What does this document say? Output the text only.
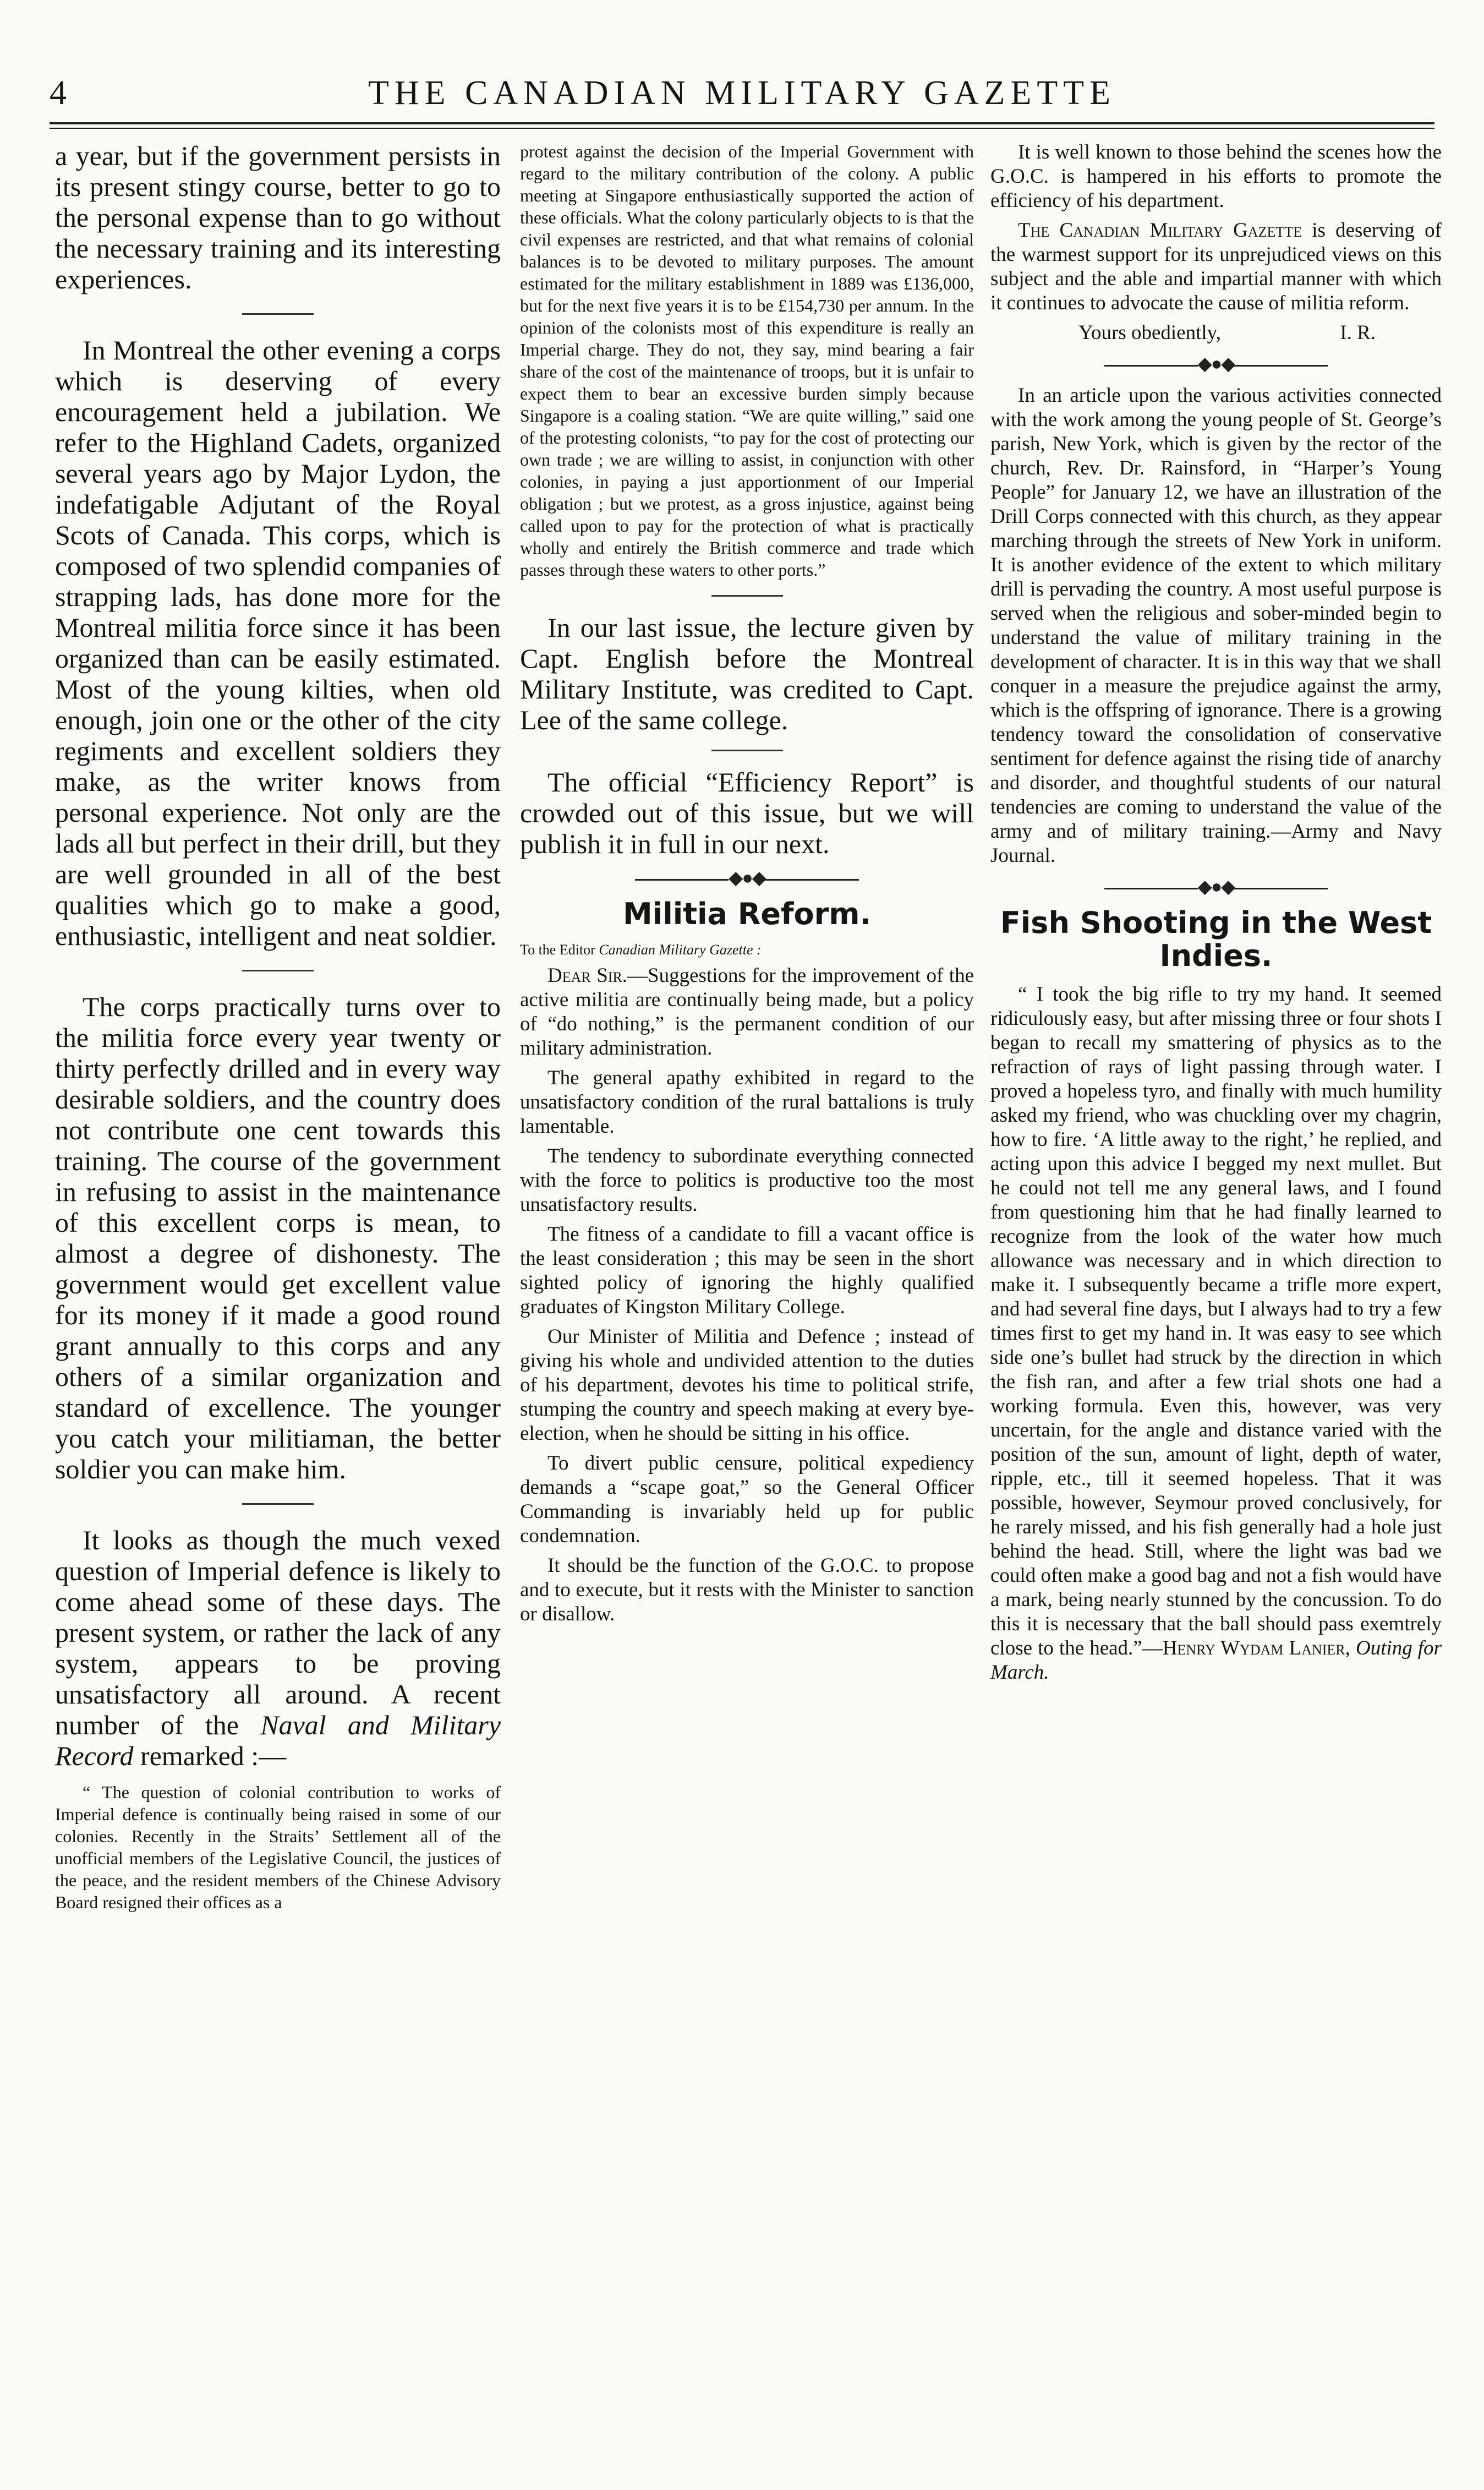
4	THE CANADIAN MILITARY GAZETTE

a year, but if the government persists in its present stingy course, better to go to the personal expense than to go without the necessary training and its interesting experiences.

In Montreal the other evening a corps which is deserving of every encouragement held a jubilation. We refer to the Highland Cadets, organized several years ago by Major Lydon, the indefatigable Adjutant of the Royal Scots of Canada. This corps, which is composed of two splendid companies of strapping lads, has done more for the Montreal militia force since it has been organized than can be easily estimated. Most of the young kilties, when old enough, join one or the other of the city regiments and excellent soldiers they make, as the writer knows from personal experience. Not only are the lads all but perfect in their drill, but they are well grounded in all of the best qualities which go to make a good, enthusiastic, intelligent and neat soldier.

The corps practically turns over to the militia force every year twenty or thirty perfectly drilled and in every way desirable soldiers, and the country does not contribute one cent towards this training. The course of the government in refusing to assist in the maintenance of this excellent corps is mean, to almost a degree of dishonesty. The government would get excellent value for its money if it made a good round grant annually to this corps and any others of a similar organization and standard of excellence. The younger you catch your militiaman, the better soldier you can make him.

It looks as though the much vexed question of Imperial defence is likely to come ahead some of these days. The present system, or rather the lack of any system, appears to be proving unsatisfactory all around. A recent number of the Naval and Military Record remarked :—

“ The question of colonial contribution to works of Imperial defence is continually being raised in some of our colonies. Recently in the Straits’ Settlement all of the unofficial members of the Legislative Council, the justices of the peace, and the resident members of the Chinese Advisory Board resigned their offices as a

protest against the decision of the Imperial Government with regard to the military contribution of the colony. A public meeting at Singapore enthusiastically supported the action of these officials. What the colony particularly objects to is that the civil expenses are restricted, and that what remains of colonial balances is to be devoted to military purposes. The amount estimated for the military establishment in 1889 was £136,000, but for the next five years it is to be £154,730 per annum. In the opinion of the colonists most of this expenditure is really an Imperial charge. They do not, they say, mind bearing a fair share of the cost of the maintenance of troops, but it is unfair to expect them to bear an excessive burden simply because Singapore is a coaling station. “We are quite willing,” said one of the protesting colonists, “to pay for the cost of protecting our own trade ; we are willing to assist, in conjunction with other colonies, in paying a just apportionment of our Imperial obligation ; but we protest, as a gross injustice, against being called upon to pay for the protection of what is practically wholly and entirely the British commerce and trade which passes through these waters to other ports.”

In our last issue, the lecture given by Capt. English before the Montreal Military Institute, was credited to Capt. Lee of the same college.

The official “Efficiency Report” is crowded out of this issue, but we will publish it in full in our next.

◆●◆
Militia Reform.

To the Editor Canadian Military Gazette :

Dear Sir.—Suggestions for the improvement of the active militia are continually being made, but a policy of “do nothing,” is the permanent condition of our military administration.

The general apathy exhibited in regard to the unsatisfactory condition of the rural battalions is truly lamentable.

The tendency to subordinate everything connected with the force to politics is productive too the most unsatisfactory results.

The fitness of a candidate to fill a vacant office is the least consideration ; this may be seen in the short sighted policy of ignoring the highly qualified graduates of Kingston Military College.

Our Minister of Militia and Defence ; instead of giving his whole and undivided attention to the duties of his department, devotes his time to political strife, stumping the country and speech making at every bye-election, when he should be sitting in his office.

To divert public censure, political expediency demands a “scape goat,” so the General Officer Commanding is invariably held up for public condemnation.

It should be the function of the G.O.C. to propose and to execute, but it rests with the Minister to sanction or disallow.

It is well known to those behind the scenes how the G.O.C. is hampered in his efforts to promote the efficiency of his department.

The Canadian Military Gazette is deserving of the warmest support for its unprejudiced views on this subject and the able and impartial manner with which it continues to advocate the cause of militia reform.

Yours obediently,	I. R.
◆●◆

In an article upon the various activities connected with the work among the young people of St. George’s parish, New York, which is given by the rector of the church, Rev. Dr. Rainsford, in “Harper’s Young People” for January 12, we have an illustration of the Drill Corps connected with this church, as they appear marching through the streets of New York in uniform. It is another evidence of the extent to which military drill is pervading the country. A most useful purpose is served when the religious and sober-minded begin to understand the value of military training in the development of character. It is in this way that we shall conquer in a measure the prejudice against the army, which is the offspring of ignorance. There is a growing tendency toward the consolidation of conservative sentiment for defence against the rising tide of anarchy and disorder, and thoughtful students of our natural tendencies are coming to understand the value of the army and of military training.—Army and Navy Journal.

◆●◆
Fish Shooting in the West Indies.

“ I took the big rifle to try my hand. It seemed ridiculously easy, but after missing three or four shots I began to recall my smattering of physics as to the refraction of rays of light passing through water. I proved a hopeless tyro, and finally with much humility asked my friend, who was chuckling over my chagrin, how to fire. ‘A little away to the right,’ he replied, and acting upon this advice I begged my next mullet. But he could not tell me any general laws, and I found from questioning him that he had finally learned to recognize from the look of the water how much allowance was necessary and in which direction to make it. I subsequently became a trifle more expert, and had several fine days, but I always had to try a few times first to get my hand in. It was easy to see which side one’s bullet had struck by the direction in which the fish ran, and after a few trial shots one had a working formula. Even this, however, was very uncertain, for the angle and distance varied with the position of the sun, amount of light, depth of water, ripple, etc., till it seemed hopeless. That it was possible, however, Seymour proved conclusively, for he rarely missed, and his fish generally had a hole just behind the head. Still, where the light was bad we could often make a good bag and not a fish would have a mark, being nearly stunned by the concussion. To do this it is necessary that the ball should pass exemtrely close to the head.”—Henry Wydam Lanier, Outing for March.
